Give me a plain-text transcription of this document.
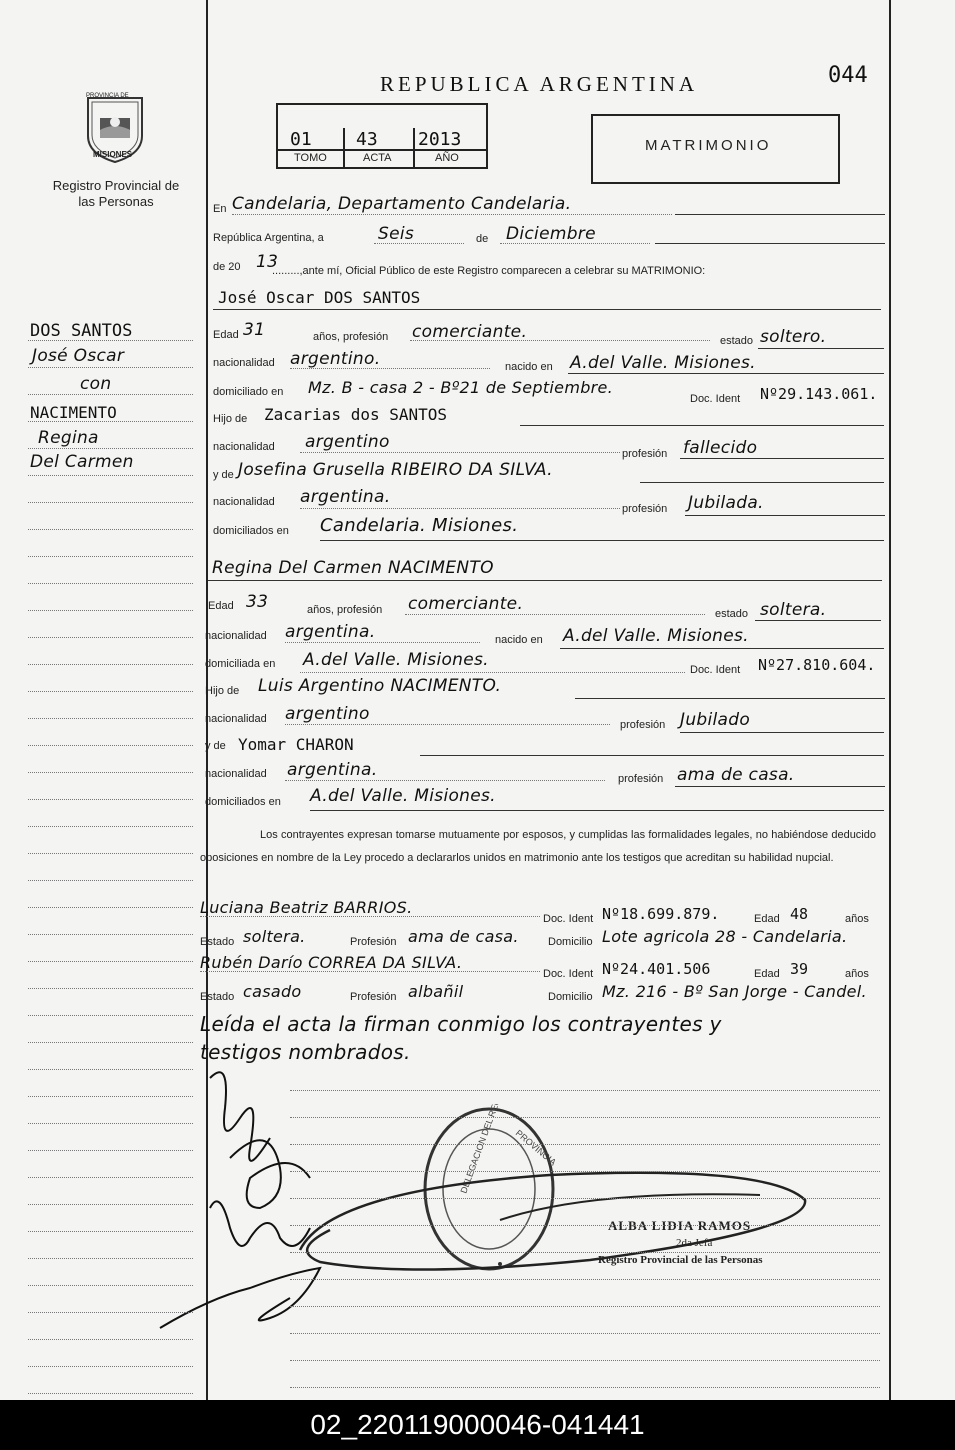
PROVINCIA DE
MISIONES
Registro Provincial de las Personas
DOS SANTOS
José Oscar
con
NACIMENTO
Regina
Del Carmen
REPUBLICA ARGENTINA	044
01 43 2013
TOMO	ACTA	AÑO
MATRIMONIO
Los contrayentes expresan tomarse mutuamente por esposos, y cumplidas las formalidades legales, no habiéndose deducido oposiciones en nombre de la Ley procedo a declararlos unidos en matrimonio ante los testigos que acreditan su habilidad nupcial.
DELEGACION DEL REGISTRO PROVINCIA
ALBA LIDIA RAMOS
2da Jefa
Registro Provincial de las Personas
En Candelaria, Departamento Candelaria.
República Argentina, a	Seis	de Diciembre
de 20 13
.........,ante mí, Oficial Público de este Registro comparecen a celebrar su MATRIMONIO:
José Oscar DOS SANTOS
Edad 31	años, profesión comerciante.	estado soltero.
nacionalidad argentino.	nacido en A.del Valle. Misiones.
domiciliado en Mz. B - casa 2 - Bº21 de Septiembre.
Doc. Ident Nº29.143.061.
Hijo de Zacarias dos SANTOS
nacionalidad argentino
profesión fallecido
y de Josefina Grusella RIBEIRO DA SILVA.
nacionalidad argentina.
profesión Jubilada.
domiciliados en Candelaria. Misiones.
Regina Del Carmen NACIMENTO
Edad 33	años, profesión comerciante.	estado soltera.
nacionalidad argentina.	nacido en A.del Valle. Misiones.
domiciliada en A.del Valle. Misiones.	Doc. Ident Nº27.810.604.
Hijo de Luis Argentino NACIMENTO.
nacionalidad argentino
profesión Jubilado
y de Yomar CHARON
nacionalidad argentina.	profesión ama de casa.
domiciliados en A.del Valle. Misiones.
Luciana Beatriz BARRIOS.
Doc. Ident Nº18.699.879.	Edad 48	años
Estado soltera.	Profesión ama de casa.	Domicilio Lote agricola 28 - Candelaria.
Rubén Darío CORREA DA SILVA.
Doc. Ident Nº24.401.506	Edad 39	años
Estado casado	Profesión albañil	Domicilio Mz. 216 - Bº San Jorge - Candel.
Leída el acta la firman conmigo los contrayentes y
testigos nombrados.
02_220119000046-041441
